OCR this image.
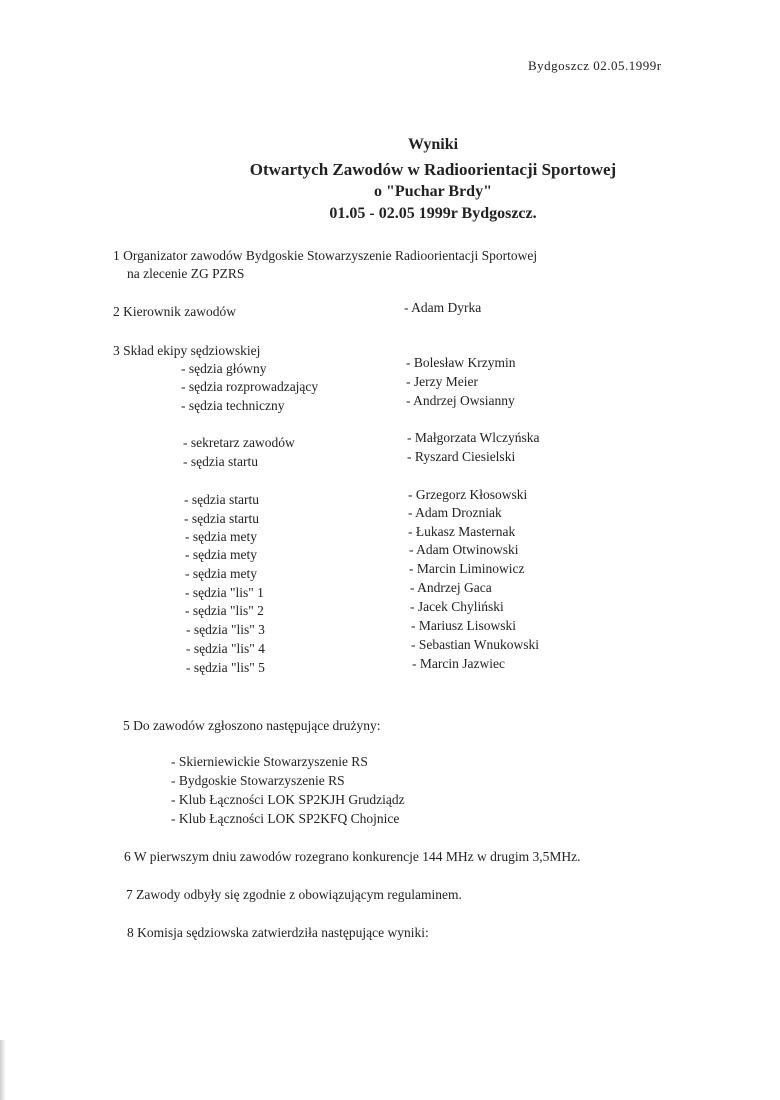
Bydgoszcz 02.05.1999r
Wyniki
Otwartych Zawodów w Radioorientacji Sportowej
o "Puchar Brdy"
01.05 - 02.05 1999r Bydgoszcz.
1 Organizator zawodów Bydgoskie Stowarzyszenie Radioorientacji Sportowej
na zlecenie ZG PZRS
2 Kierownik zawodów	- Adam Dyrka
3 Skład ekipy sędziowskiej
- sędzia główny
- sędzia rozprowadzający
- sędzia techniczny
- sekretarz zawodów
- sędzia startu
- sędzia startu
- sędzia startu
- sędzia mety
- sędzia mety
- sędzia mety
- sędzia "lis" 1
- sędzia "lis" 2
- sędzia "lis" 3
- sędzia "lis" 4
- sędzia "lis" 5
- Bolesław Krzymin
- Jerzy Meier
- Andrzej Owsianny
- Małgorzata Wlczyńska
- Ryszard Ciesielski
- Grzegorz Kłosowski
- Adam Drozniak
- Łukasz Masternak
- Adam Otwinowski
- Marcin Liminowicz
- Andrzej Gaca
- Jacek Chyliński
- Mariusz Lisowski
- Sebastian Wnukowski
- Marcin Jazwiec
5 Do zawodów zgłoszono następujące drużyny:
- Skierniewickie Stowarzyszenie RS
- Bydgoskie Stowarzyszenie RS
- Klub Łączności LOK SP2KJH Grudziądz
- Klub Łączności LOK SP2KFQ Chojnice
6 W pierwszym dniu zawodów rozegrano konkurencje 144 MHz w drugim 3,5MHz.
7 Zawody odbyły się zgodnie z obowiązującym regulaminem.
8 Komisja sędziowska zatwierdziła następujące wyniki:
